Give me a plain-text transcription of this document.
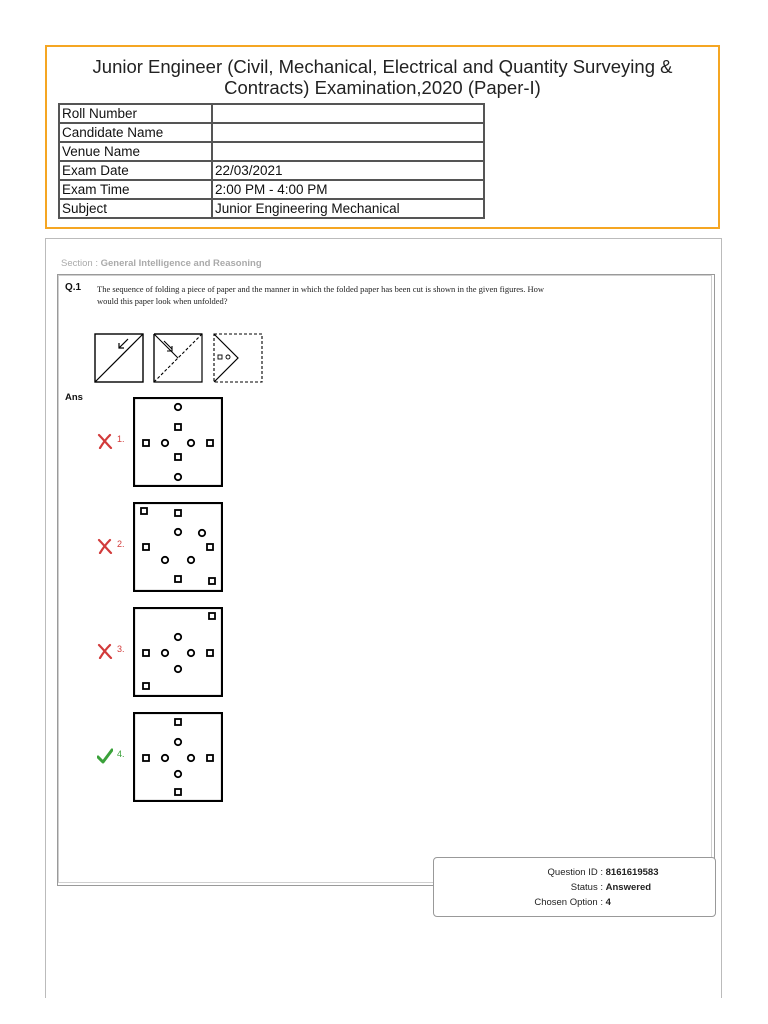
Junior Engineer (Civil, Mechanical, Electrical and Quantity Surveying &
Contracts) Examination,2020 (Paper-I)
Roll Number	
Candidate Name	
Venue Name	
Exam Date	22/03/2021
Exam Time	2:00 PM - 4:00 PM
Subject	Junior Engineering Mechanical
Section : General Intelligence and Reasoning
Q.1 The sequence of folding a piece of paper and the manner in which the folded paper has been cut is shown in the given figures. How would this paper look when unfolded?
Ans
1.
2.
3.
4.
Question ID : 8161619583
Status : Answered
Chosen Option : 4
